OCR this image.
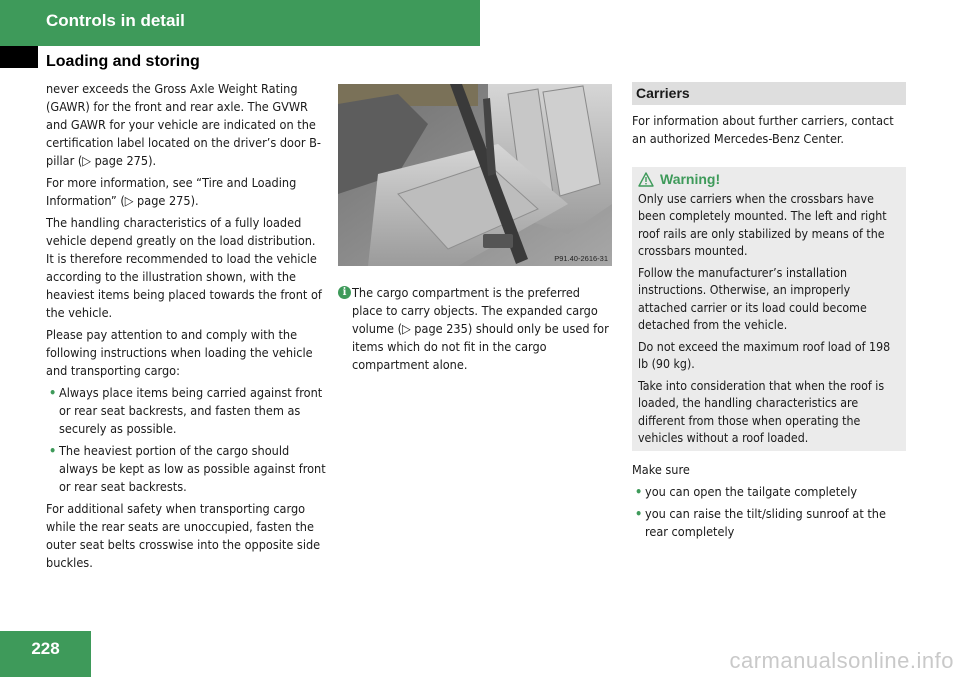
Controls in detail
Loading and storing

never exceeds the Gross Axle Weight Rating (GAWR) for the front and rear axle. The GVWR and GAWR for your vehicle are indicated on the certification label located on the driver’s door B-pillar (▷ page 275).

For more information, see “Tire and Loading Information” (▷ page 275).

The handling characteristics of a fully loaded vehicle depend greatly on the load distribution. It is therefore recommended to load the vehicle according to the illustration shown, with the heaviest items being placed towards the front of the vehicle.

Please pay attention to and comply with the following instructions when loading the vehicle and transporting cargo:

• Always place items being carried against front or rear seat backrests, and fasten them as securely as possible.
• The heaviest portion of the cargo should always be kept as low as possible against front or rear seat backrests.

For additional safety when transporting cargo while the rear seats are unoccupied, fasten the outer seat belts crosswise into the opposite side buckles.

P91.40-2616-31
i The cargo compartment is the preferred place to carry objects. The expanded cargo volume (▷ page 235) should only be used for items which do not fit in the cargo compartment alone.
Carriers

For information about further carriers, contact an authorized Mercedes-Benz Center.

Warning!

Only use carriers when the crossbars have been completely mounted. The left and right roof rails are only stabilized by means of the crossbars mounted.

Follow the manufacturer’s installation instructions. Otherwise, an improperly attached carrier or its load could become detached from the vehicle.

Do not exceed the maximum roof load of 198 lb (90 kg).

Take into consideration that when the roof is loaded, the handling characteristics are different from those when operating the vehicles without a roof loaded.

Make sure

• you can open the tailgate completely
• you can raise the tilt/sliding sunroof at the rear completely
228	carmanualsonline.info
